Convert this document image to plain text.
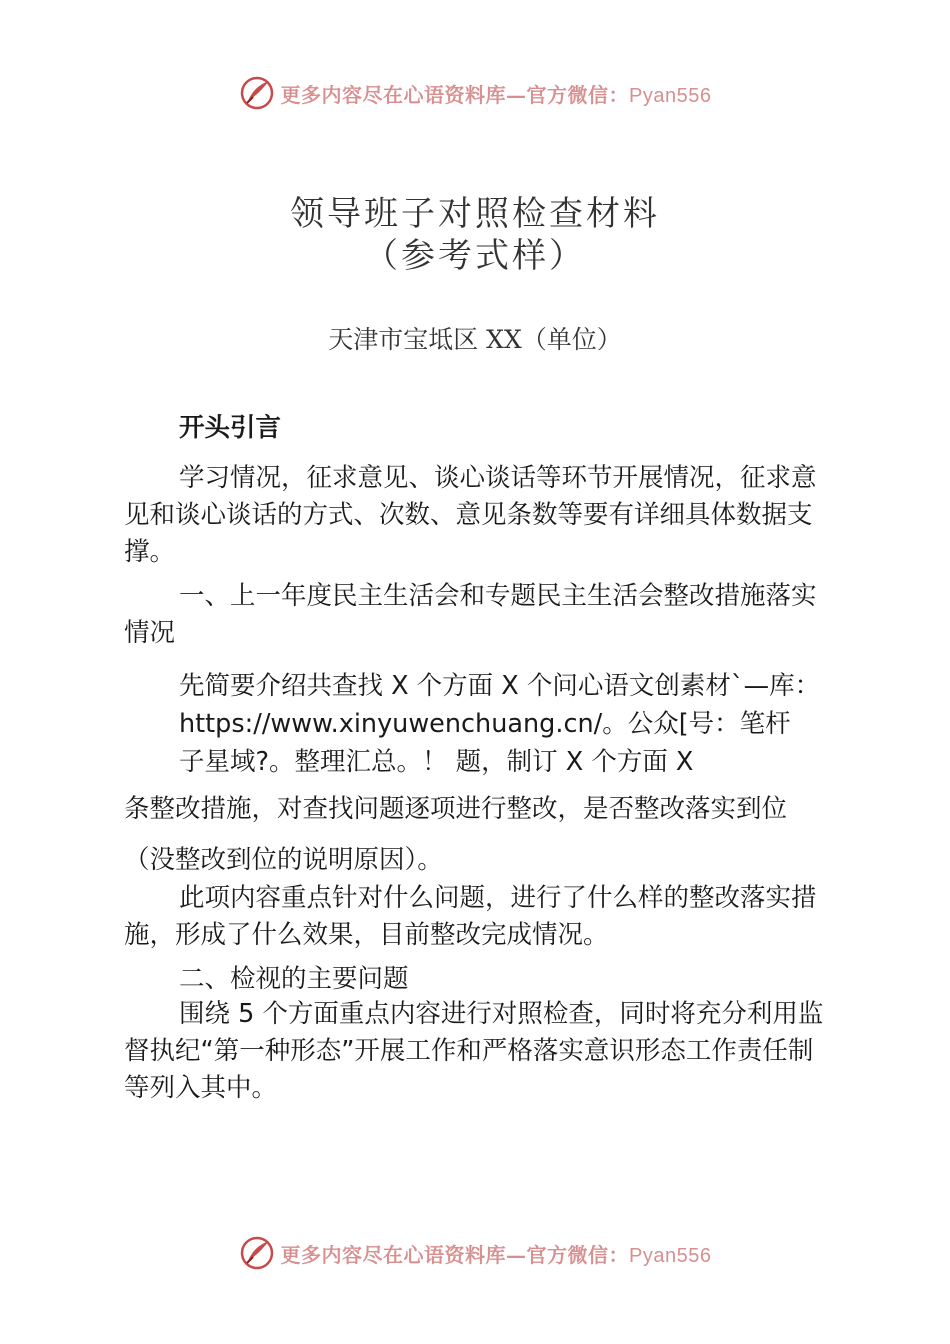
更多内容尽在心语资料库—官方微信：Pyan556
领导班子对照检查材料
（参考式样）
天津市宝坻区 XX（单位）

开头引言

学习情况，征求意见、谈心谈话等环节开展情况，征求意见和谈心谈话的方式、次数、意见条数等要有详细具体数据支撑。

一、上一年度民主生活会和专题民主生活会整改措施落实情况

先简要介绍共查找 X 个方面 X 个问心语文创素材`—库：

https://www.xinyuwenchuang.cn/。公众[号：笔杆

子星域?。整理汇总。！ 题，制订 X 个方面 X

条整改措施，对查找问题逐项进行整改，是否整改落实到位

（没整改到位的说明原因）。

此项内容重点针对什么问题，进行了什么样的整改落实措施，形成了什么效果，目前整改完成情况。

二、检视的主要问题

围绕 5 个方面重点内容进行对照检查，同时将充分利用监督执纪“第一种形态”开展工作和严格落实意识形态工作责任制等列入其中。

更多内容尽在心语资料库—官方微信：Pyan556
